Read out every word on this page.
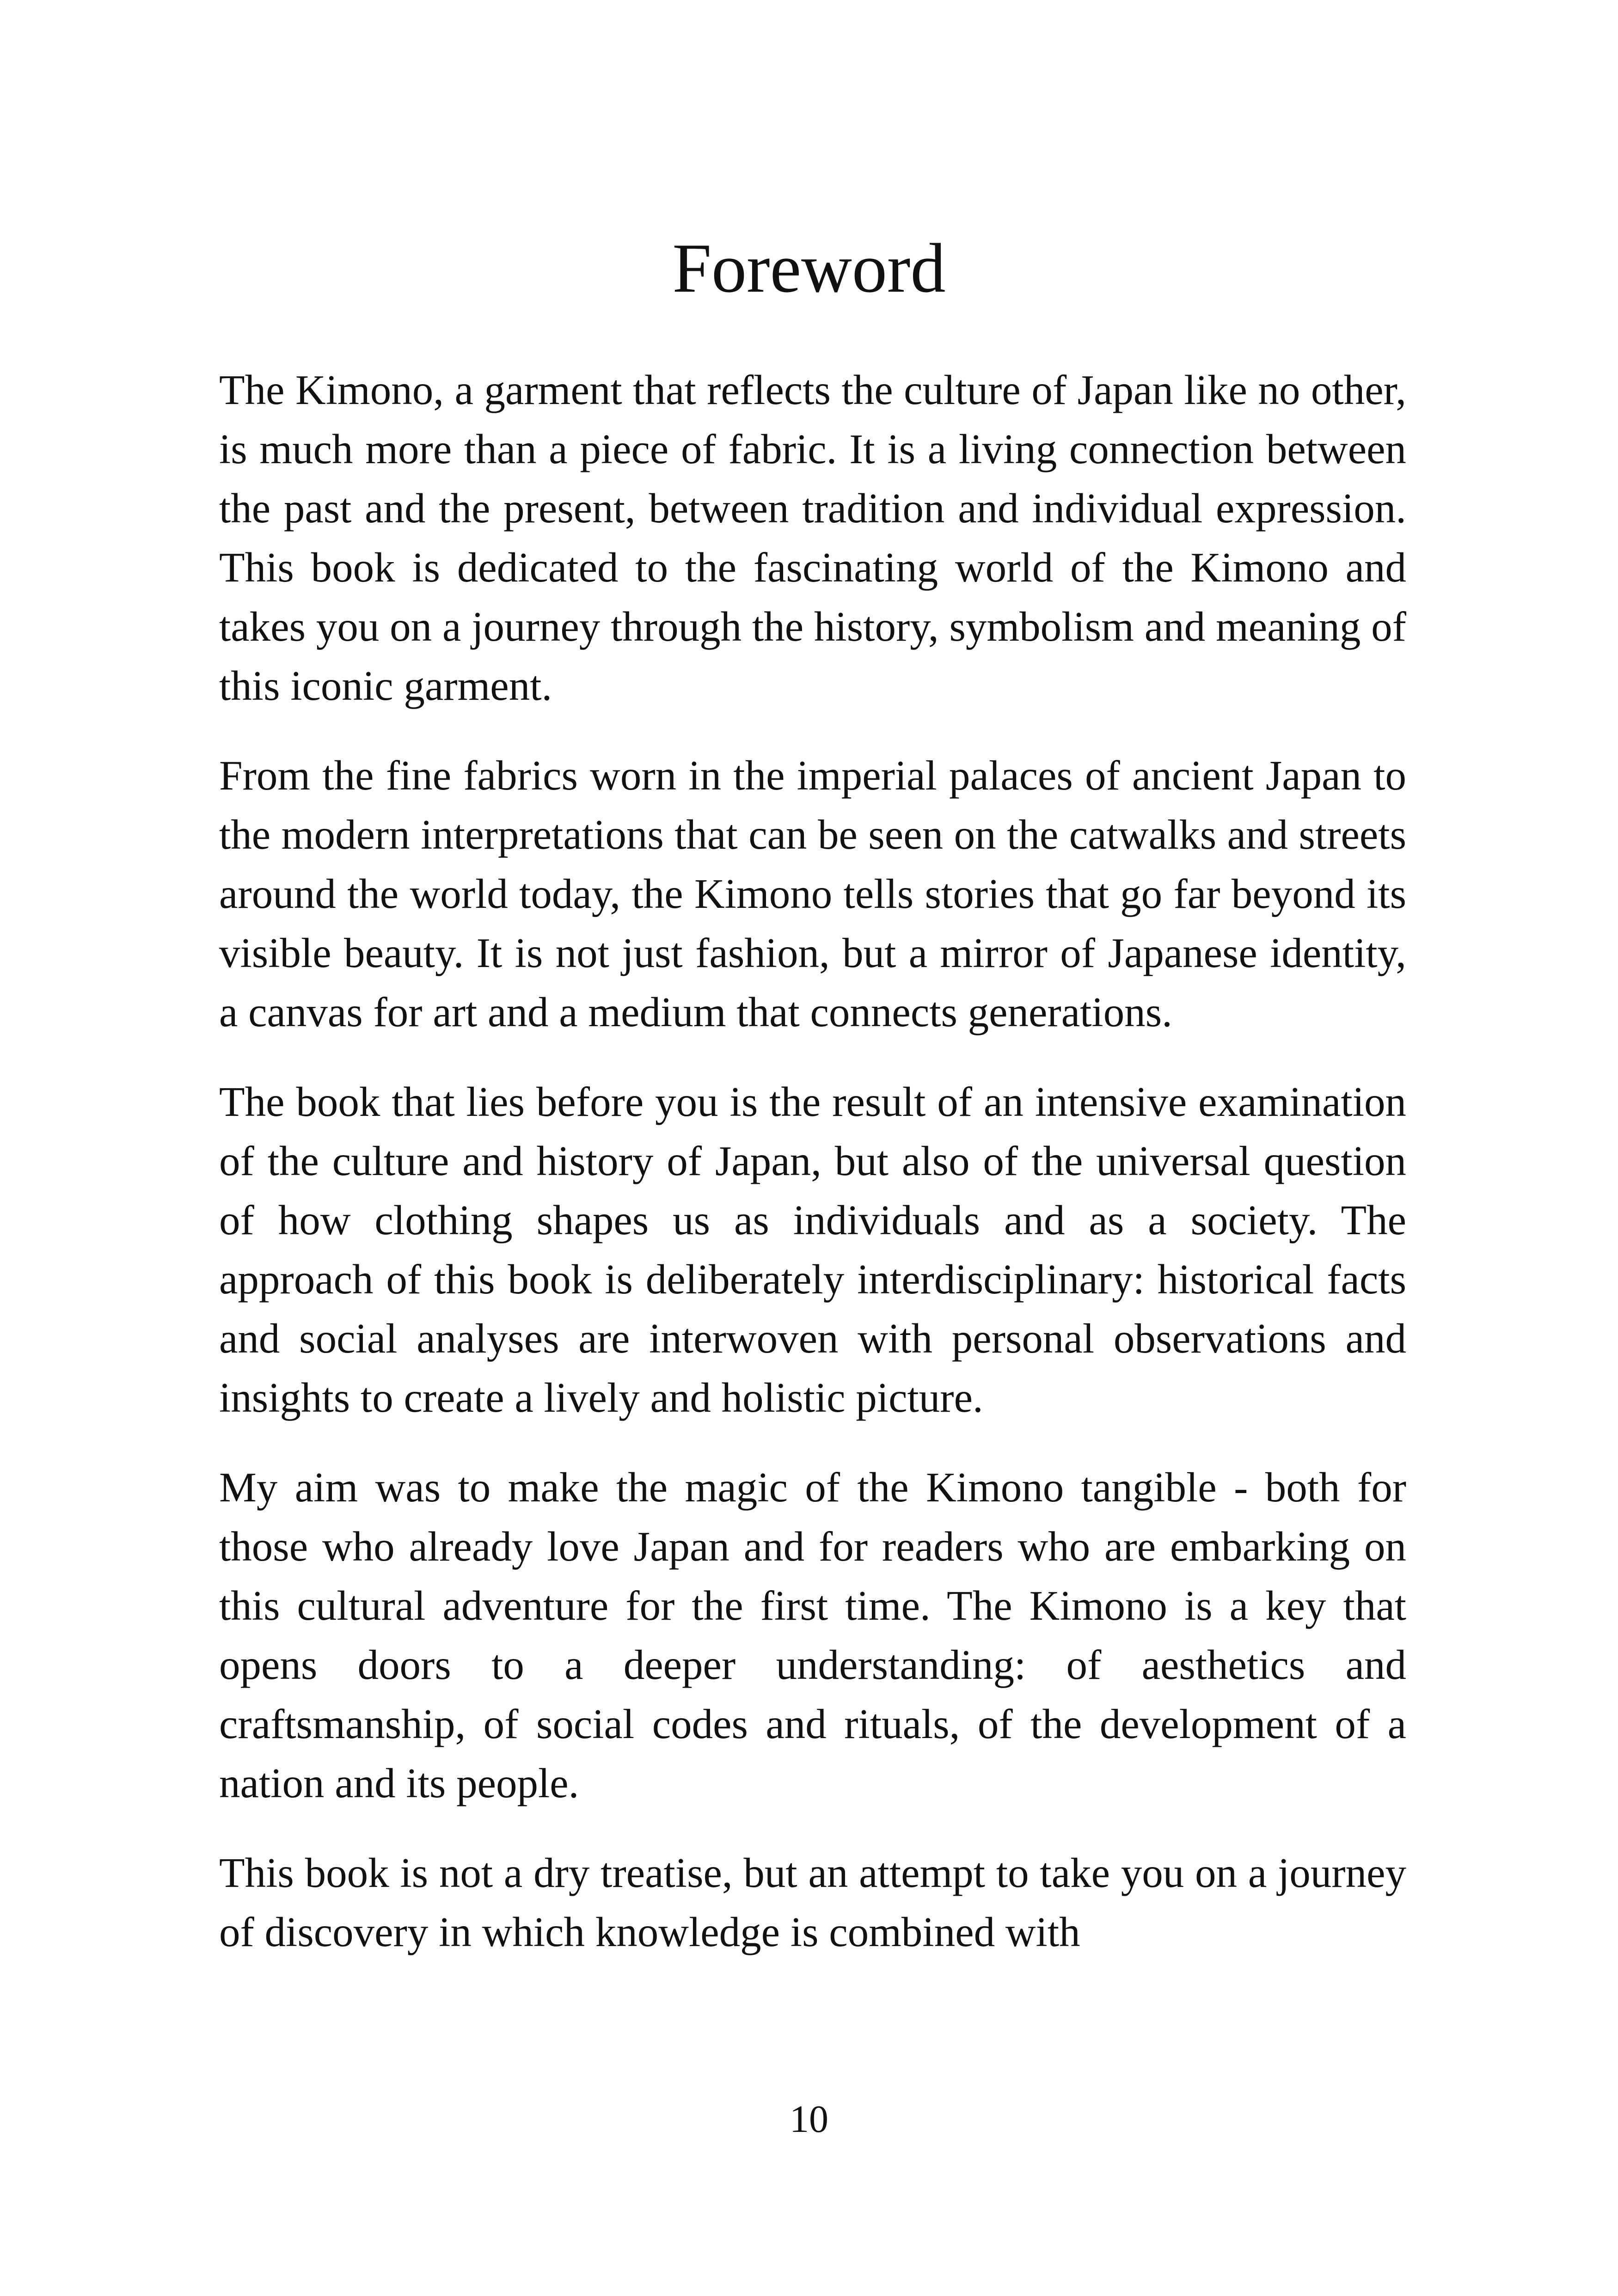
Foreword

The Kimono, a garment that reflects the culture of Japan like no other, is much more than a piece of fabric. It is a living connection between the past and the present, between tradition and individual expression. This book is dedicated to the fascinating world of the Kimono and takes you on a journey through the history, symbolism and meaning of this iconic garment.

From the fine fabrics worn in the imperial palaces of ancient Japan to the modern interpretations that can be seen on the catwalks and streets around the world today, the Kimono tells stories that go far beyond its visible beauty. It is not just fashion, but a mirror of Japanese identity, a canvas for art and a medium that connects generations.

The book that lies before you is the result of an intensive examination of the culture and history of Japan, but also of the universal question of how clothing shapes us as individuals and as a society. The approach of this book is deliberately interdisciplinary: historical facts and social analyses are interwoven with personal observations and insights to create a lively and holistic picture.

My aim was to make the magic of the Kimono tangible - both for those who already love Japan and for readers who are embarking on this cultural adventure for the first time. The Kimono is a key that opens doors to a deeper understanding: of aesthetics and craftsmanship, of social codes and rituals, of the development of a nation and its people.

This book is not a dry treatise, but an attempt to take you on a journey of discovery in which knowledge is combined with

10
